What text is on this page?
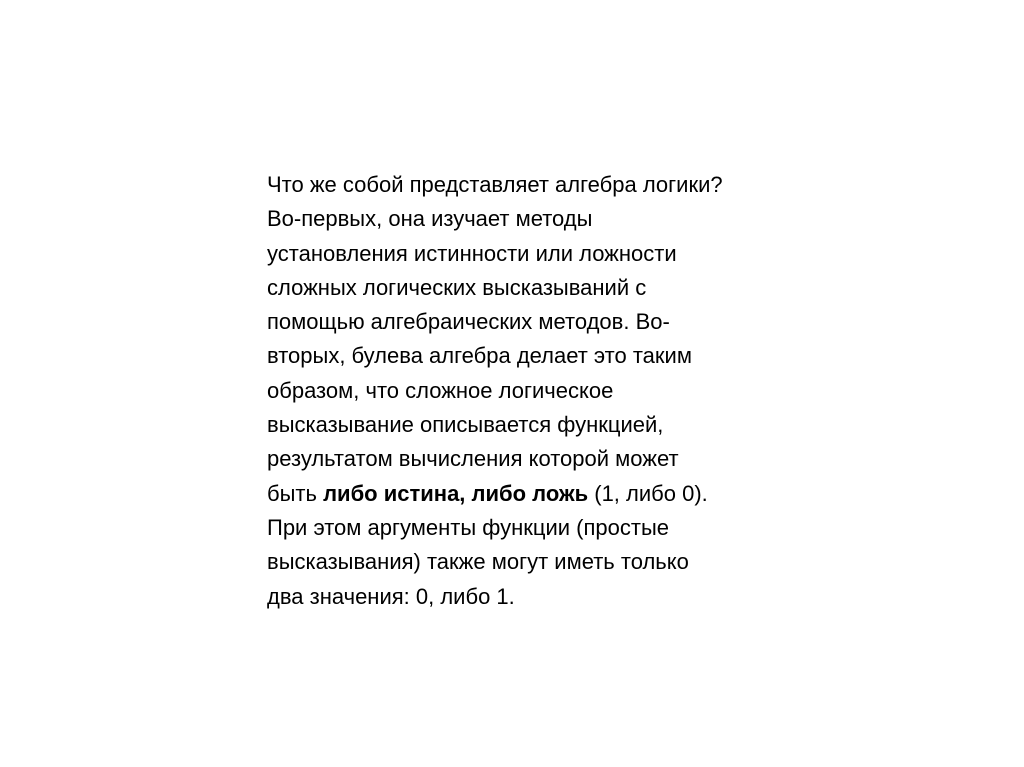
Что же собой представляет алгебра логики?
Во-первых, она изучает методы
установления истинности или ложности
сложных логических высказываний с
помощью алгебраических методов. Во-
вторых, булева алгебра делает это таким
образом, что сложное логическое
высказывание описывается функцией,
результатом вычисления которой может
быть либо истина, либо ложь (1, либо 0).
При этом аргументы функции (простые
высказывания) также могут иметь только
два значения: 0, либо 1.
